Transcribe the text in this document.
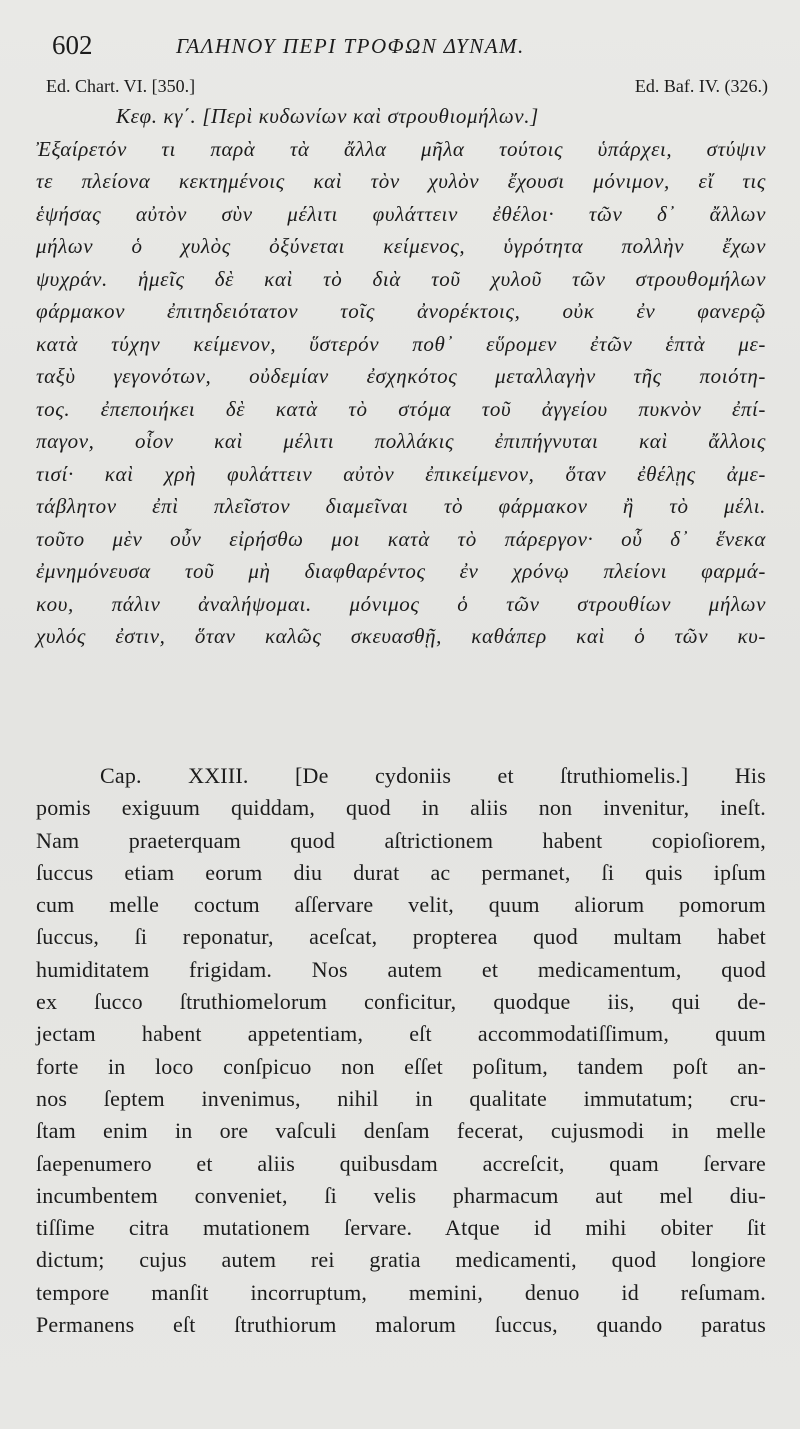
602	ΓΑΛΗΝΟΥ ΠΕΡΙ ΤΡΟΦΩΝ ΔΥΝΑΜ.
Ed. Chart. VI. [350.]	Ed. Baf. IV. (326.)
Κεφ. κγ΄. [Περὶ κυδωνίων καὶ στρουθιομήλων.]
Ἐξαίρετόν τι παρὰ τὰ ἄλλα μῆλα τούτοις ὑπάρχει, στύψιν
τε πλείονα κεκτημένοις καὶ τὸν χυλὸν ἔχουσι μόνιμον, εἴ τις
ἑψήσας αὐτὸν σὺν μέλιτι φυλάττειν ἐθέλοι· τῶν δ᾽ ἄλλων
μήλων ὁ χυλὸς ὀξύνεται κείμενος, ὑγρότητα πολλὴν ἔχων
ψυχράν. ἡμεῖς δὲ καὶ τὸ διὰ τοῦ χυλοῦ τῶν στρουθομήλων
φάρμακον ἐπιτηδειότατον τοῖς ἀνορέκτοις, οὐκ ἐν φανερῷ
κατὰ τύχην κείμενον, ὕστερόν ποθ᾽ εὕρομεν ἐτῶν ἑπτὰ με-
ταξὺ γεγονότων, οὐδεμίαν ἐσχηκότος μεταλλαγὴν τῆς ποιότη-
τος. ἐπεποιήκει δὲ κατὰ τὸ στόμα τοῦ ἀγγείου πυκνὸν ἐπί-
παγον, οἷον καὶ μέλιτι πολλάκις ἐπιπήγνυται καὶ ἄλλοις
τισί· καὶ χρὴ φυλάττειν αὐτὸν ἐπικείμενον, ὅταν ἐθέλῃς ἀμε-
τάβλητον ἐπὶ πλεῖστον διαμεῖναι τὸ φάρμακον ἢ τὸ μέλι.
τοῦτο μὲν οὖν εἰρήσθω μοι κατὰ τὸ πάρεργον· οὗ δ᾽ ἕνεκα
ἐμνημόνευσα τοῦ μὴ διαφθαρέντος ἐν χρόνῳ πλείονι φαρμά-
κου, πάλιν ἀναλήψομαι. μόνιμος ὁ τῶν στρουθίων μήλων
χυλός ἐστιν, ὅταν καλῶς σκευασθῇ, καθάπερ καὶ ὁ τῶν κυ-
Cap. XXIII. [De cydoniis et ſtruthiomelis.] His
pomis exiguum quiddam, quod in aliis non invenitur, ineſt.
Nam praeterquam quod aſtrictionem habent copioſiorem,
ſuccus etiam eorum diu durat ac permanet, ſi quis ipſum
cum melle coctum aſſervare velit, quum aliorum pomorum
ſuccus, ſi reponatur, aceſcat, propterea quod multam habet
humiditatem frigidam. Nos autem et medicamentum, quod
ex ſucco ſtruthiomelorum conficitur, quodque iis, qui de-
jectam habent appetentiam, eſt accommodatiſſimum, quum
forte in loco conſpicuo non eſſet poſitum, tandem poſt an-
nos ſeptem invenimus, nihil in qualitate immutatum; cru-
ſtam enim in ore vaſculi denſam fecerat, cujusmodi in melle
ſaepenumero et aliis quibusdam accreſcit, quam ſervare
incumbentem conveniet, ſi velis pharmacum aut mel diu-
tiſſime citra mutationem ſervare. Atque id mihi obiter ſit
dictum; cujus autem rei gratia medicamenti, quod longiore
tempore manſit incorruptum, memini, denuo id reſumam.
Permanens eſt ſtruthiorum malorum ſuccus, quando paratus
